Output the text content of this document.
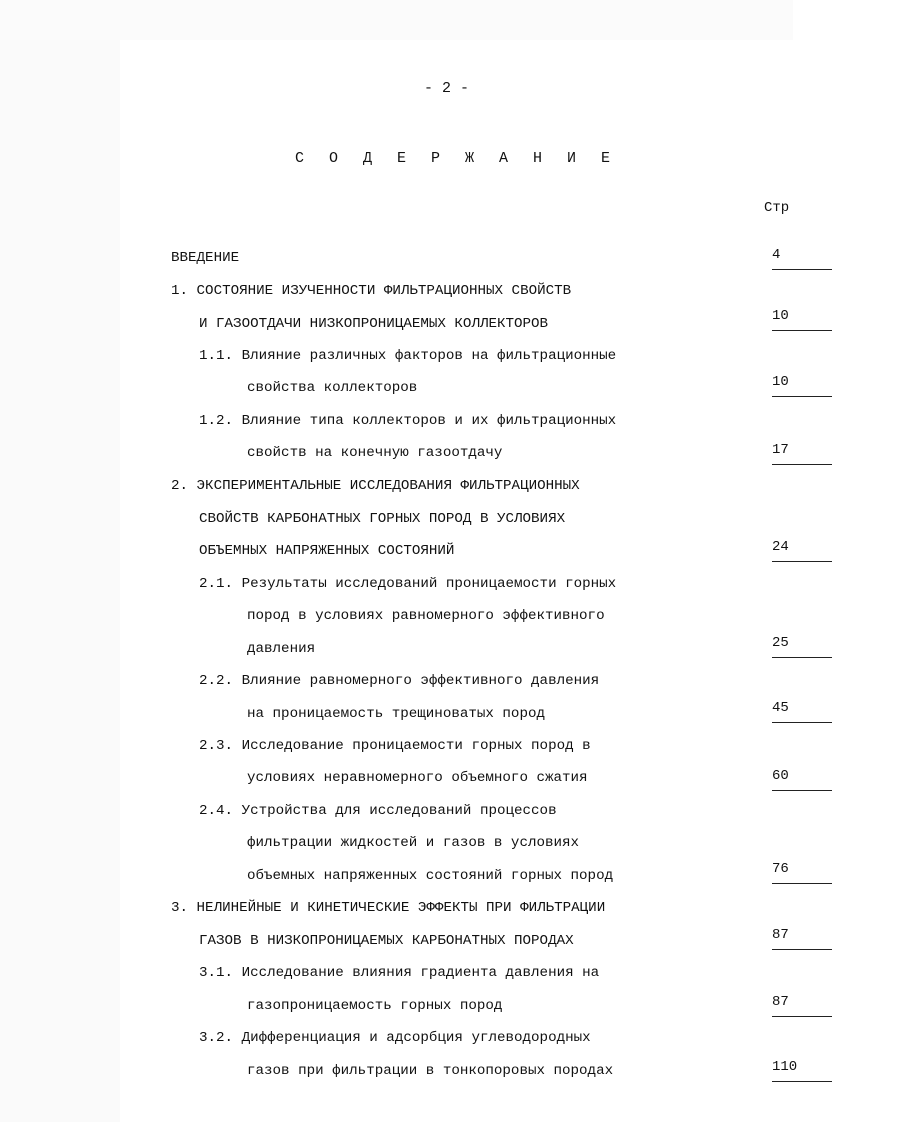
- 2 -
С О Д Е Р Ж А Н И Е
Стр
ВВЕДЕНИЕ	4
1. СОСТОЯНИЕ ИЗУЧЕННОСТИ ФИЛЬТРАЦИОННЫХ СВОЙСТВ
И ГАЗООТДАЧИ НИЗКОПРОНИЦАЕМЫХ КОЛЛЕКТОРОВ	10
1.1. Влияние различных факторов на фильтрационные
свойства коллекторов	10
1.2. Влияние типа коллекторов и их фильтрационных
свойств на конечную газоотдачу	17
2. ЭКСПЕРИМЕНТАЛЬНЫЕ ИССЛЕДОВАНИЯ ФИЛЬТРАЦИОННЫХ
СВОЙСТВ КАРБОНАТНЫХ ГОРНЫХ ПОРОД В УСЛОВИЯХ
ОБЪЕМНЫХ НАПРЯЖЕННЫХ СОСТОЯНИЙ	24
2.1. Результаты исследований проницаемости горных
пород в условиях равномерного эффективного
давления	25
2.2. Влияние равномерного эффективного давления
на проницаемость трещиноватых пород	45
2.3. Исследование проницаемости горных пород в
условиях неравномерного объемного сжатия	60
2.4. Устройства для исследований процессов
фильтрации жидкостей и газов в условиях
объемных напряженных состояний горных пород	76
3. НЕЛИНЕЙНЫЕ И КИНЕТИЧЕСКИЕ ЭФФЕКТЫ ПРИ ФИЛЬТРАЦИИ
ГАЗОВ В НИЗКОПРОНИЦАЕМЫХ КАРБОНАТНЫХ ПОРОДАХ	87
3.1. Исследование влияния градиента давления на
газопроницаемость горных пород	87
3.2. Дифференциация и адсорбция углеводородных
газов при фильтрации в тонкопоровых породах	110
